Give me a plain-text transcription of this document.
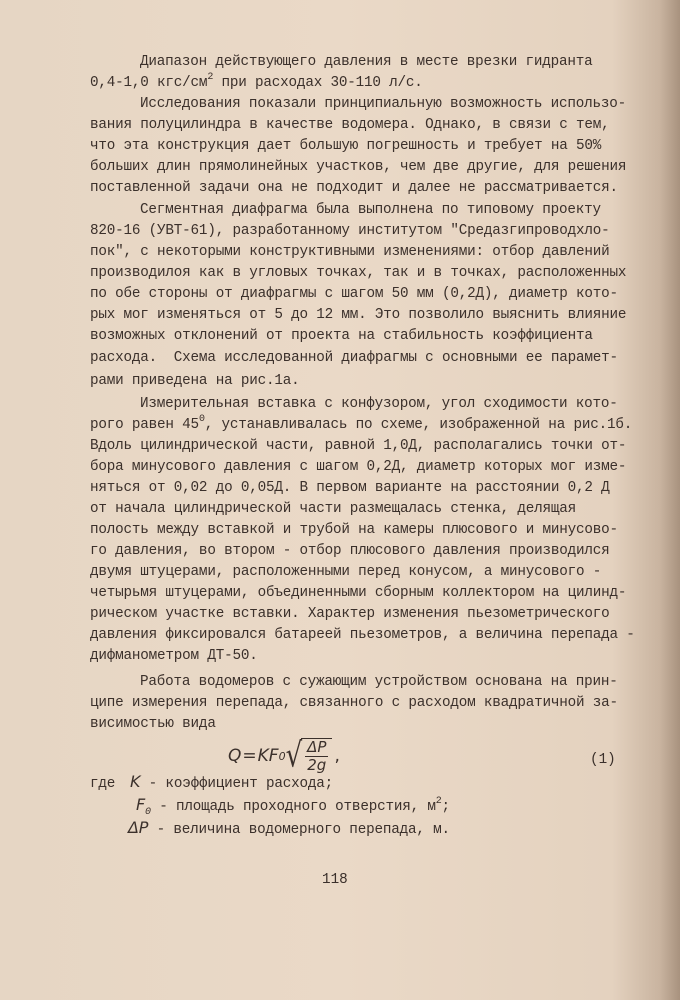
Диапазон действующего давления в месте врезки гидранта
0,4-1,0 кгс/$см^2$ при расходах 30-110 л/с.
Исследования показали принципиальную возможность использо-
вания полуцилиндра в качестве водомера. Однако, в связи с тем,
что эта конструкция дает большую погрешность и требует на 50%
больших длин прямолинейных участков, чем две другие, для решения
поставленной задачи она не подходит и далее не рассматривается.
Сегментная диафрагма была выполнена по типовому проекту
820-16 (УВТ-61), разработанному институтом "Средазгипроводхло-
пок", с некоторыми конструктивными изменениями: отбор давлений
производилоя как в угловых точках, так и в точках, расположенных
по обе стороны от диафрагмы с шагом 50 мм (0,2Д), диаметр кото-
рых мог изменяться от 5 до 12 мм. Это позволило выяснить влияние
возможных отклонений от проекта на стабильность коэффициента
расхода.  Схема исследованной диафрагмы с основными ее парамет-
рами приведена на рис.1а.
Измерительная вставка с конфузором, угол сходимости кото-
рого равен $45^0$, устанавливалась по схеме, изображенной на рис.1б.
Вдоль цилиндрической части, равной 1,0Д, располагались точки от-
бора минусового давления с шагом 0,2Д, диаметр которых мог изме-
няться от 0,02 до 0,05Д. В первом варианте на расстоянии 0,2 Д
от начала цилиндрической части размещалась стенка, делящая
полость между вставкой и трубой на камеры плюсового и минусово-
го давления, во втором - отбор плюсового давления производился
двумя штуцерами, расположенными перед конусом, а минусового -
четырьмя штуцерами, объединенными сборным коллектором на цилинд-
рическом участке вставки. Характер изменения пьезометрического
давления фиксировался батареей пьезометров, а величина перепада -
дифманометром ДТ-50.
Работа водомеров с сужающим устройством основана на прин-
ципе измерения перепада, связанного с расходом квадратичной за-
висимостью вида
Q = K F 0 √ $\frac{\Delta P}{2g}$ ,	(1)
где K - коэффициент расхода;
$F_0$ - площадь проходного отверстия, $м^2$;
ΔP - величина водомерного перепада, м.
118
